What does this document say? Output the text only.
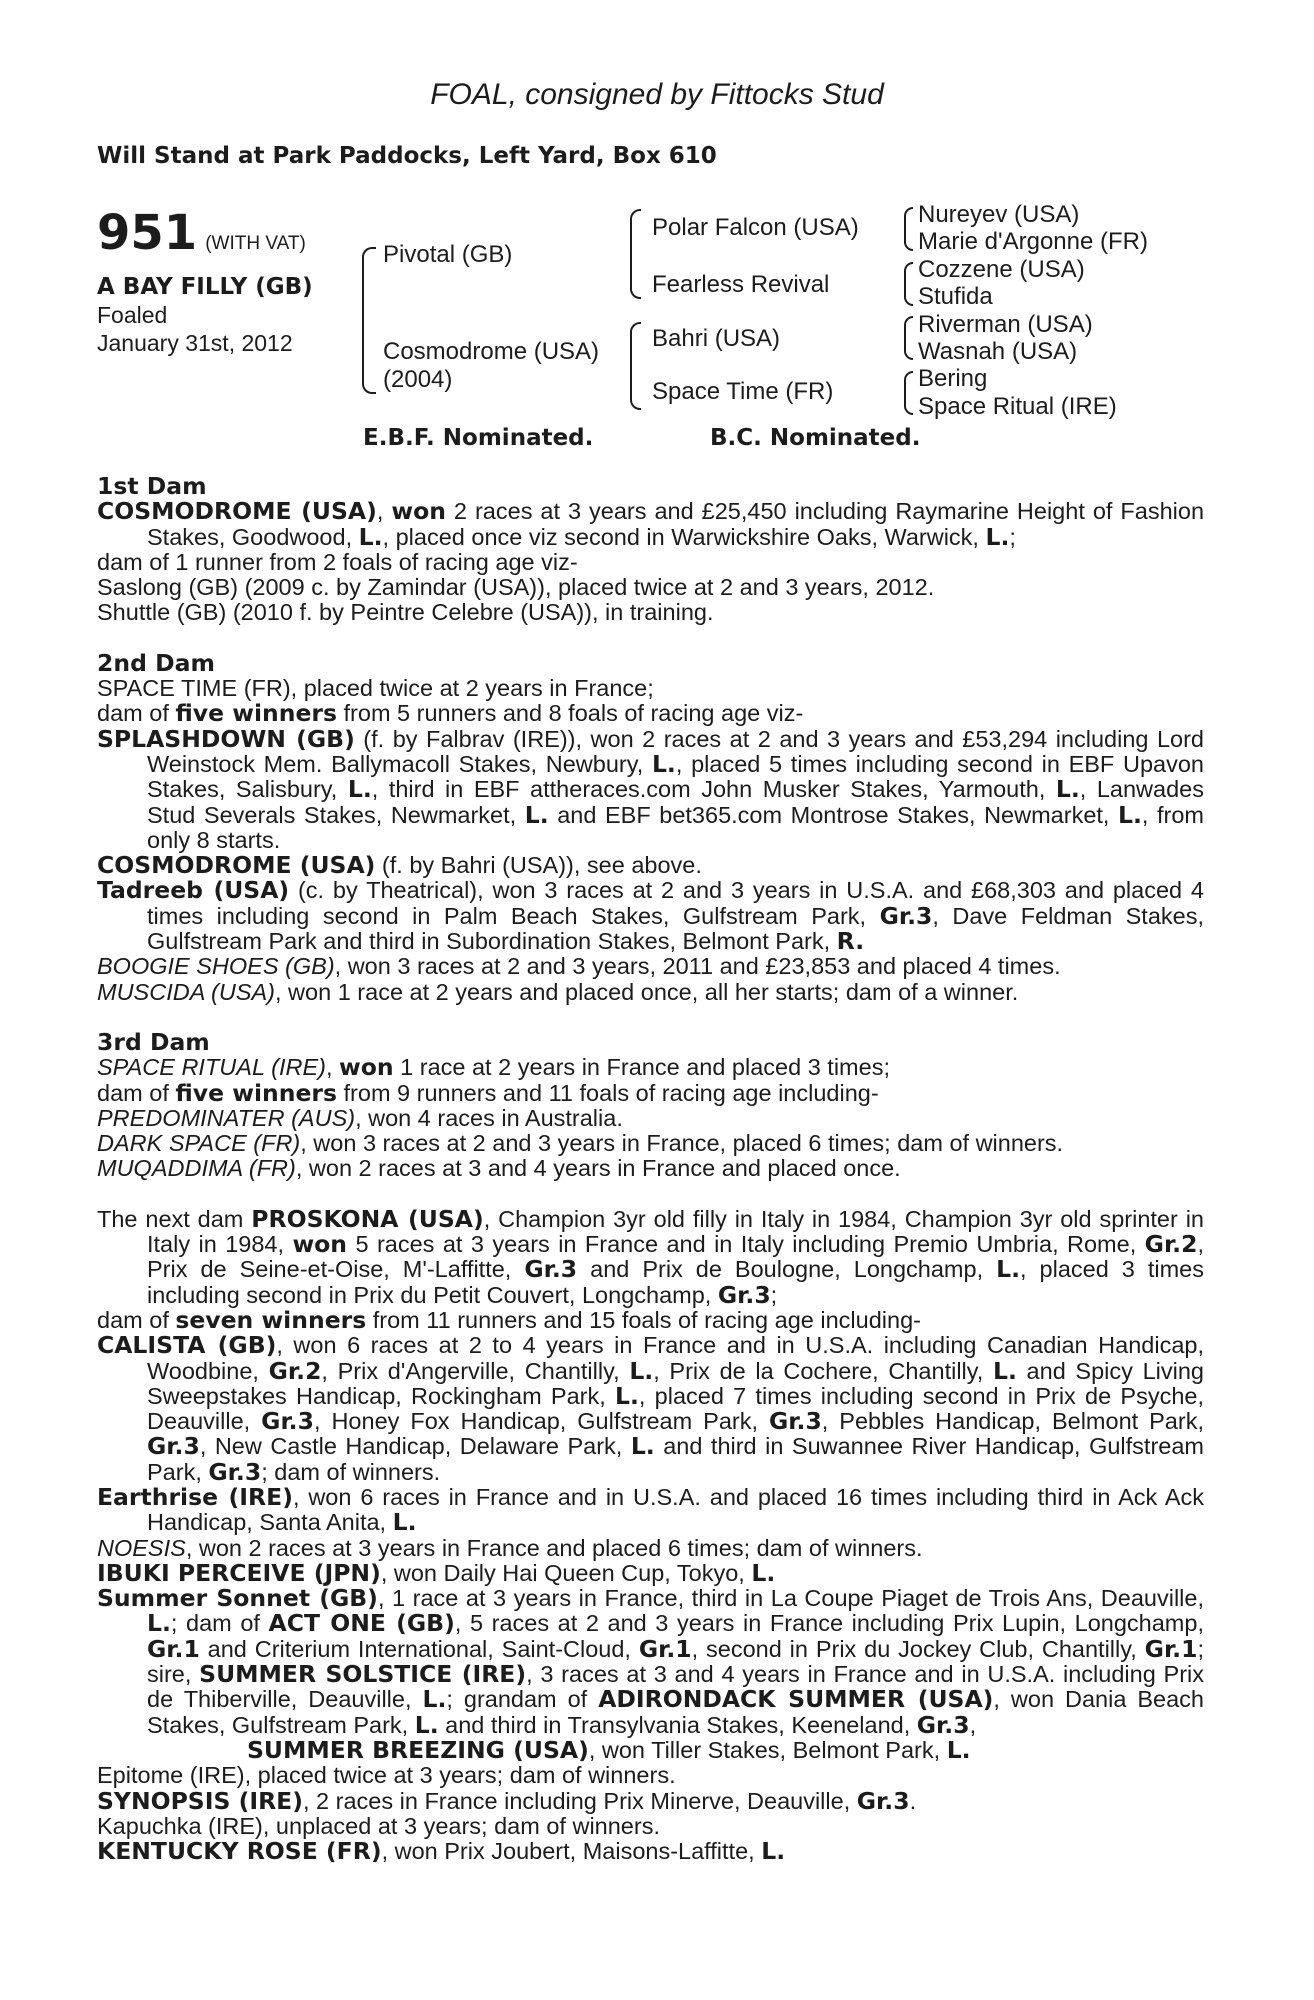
FOAL, consigned by Fittocks Stud
Will Stand at Park Paddocks, Left Yard, Box 610
951 (WITH VAT)
A BAY FILLY (GB)
Foaled
January 31st, 2012
Pivotal (GB)
Cosmodrome (USA)
(2004)
Polar Falcon (USA)
Fearless Revival
Bahri (USA)
Space Time (FR)
Nureyev (USA)
Marie d'Argonne (FR)
Cozzene (USA)
Stufida
Riverman (USA)
Wasnah (USA)
Bering
Space Ritual (IRE)
E.B.F. Nominated.	B.C. Nominated.

1st Dam

COSMODROME (USA), won 2 races at 3 years and £25,450 including Raymarine Height of Fashion Stakes, Goodwood, L., placed once viz second in Warwickshire Oaks, Warwick, L.;

dam of 1 runner from 2 foals of racing age viz-

Saslong (GB) (2009 c. by Zamindar (USA)), placed twice at 2 and 3 years, 2012.

Shuttle (GB) (2010 f. by Peintre Celebre (USA)), in training.

2nd Dam

SPACE TIME (FR), placed twice at 2 years in France;

dam of five winners from 5 runners and 8 foals of racing age viz-

SPLASHDOWN (GB) (f. by Falbrav (IRE)), won 2 races at 2 and 3 years and £53,294 including Lord Weinstock Mem. Ballymacoll Stakes, Newbury, L., placed 5 times including second in EBF Upavon Stakes, Salisbury, L., third in EBF attheraces.com John Musker Stakes, Yarmouth, L., Lanwades Stud Severals Stakes, Newmarket, L. and EBF bet365.com Montrose Stakes, Newmarket, L., from only 8 starts.

COSMODROME (USA) (f. by Bahri (USA)), see above.

Tadreeb (USA) (c. by Theatrical), won 3 races at 2 and 3 years in U.S.A. and £68,303 and placed 4 times including second in Palm Beach Stakes, Gulfstream Park, Gr.3, Dave Feldman Stakes, Gulfstream Park and third in Subordination Stakes, Belmont Park, R.

BOOGIE SHOES (GB), won 3 races at 2 and 3 years, 2011 and £23,853 and placed 4 times.

MUSCIDA (USA), won 1 race at 2 years and placed once, all her starts; dam of a winner.

3rd Dam

SPACE RITUAL (IRE), won 1 race at 2 years in France and placed 3 times;

dam of five winners from 9 runners and 11 foals of racing age including-

PREDOMINATER (AUS), won 4 races in Australia.

DARK SPACE (FR), won 3 races at 2 and 3 years in France, placed 6 times; dam of winners.

MUQADDIMA (FR), won 2 races at 3 and 4 years in France and placed once.

The next dam PROSKONA (USA), Champion 3yr old filly in Italy in 1984, Champion 3yr old sprinter in Italy in 1984, won 5 races at 3 years in France and in Italy including Premio Umbria, Rome, Gr.2, Prix de Seine-et-Oise, M'-Laffitte, Gr.3 and Prix de Boulogne, Longchamp, L., placed 3 times including second in Prix du Petit Couvert, Longchamp, Gr.3;

dam of seven winners from 11 runners and 15 foals of racing age including-

CALISTA (GB), won 6 races at 2 to 4 years in France and in U.S.A. including Canadian Handicap, Woodbine, Gr.2, Prix d'Angerville, Chantilly, L., Prix de la Cochere, Chantilly, L. and Spicy Living Sweepstakes Handicap, Rockingham Park, L., placed 7 times including second in Prix de Psyche, Deauville, Gr.3, Honey Fox Handicap, Gulfstream Park, Gr.3, Pebbles Handicap, Belmont Park, Gr.3, New Castle Handicap, Delaware Park, L. and third in Suwannee River Handicap, Gulfstream Park, Gr.3; dam of winners.

Earthrise (IRE), won 6 races in France and in U.S.A. and placed 16 times including third in Ack Ack Handicap, Santa Anita, L.

NOESIS, won 2 races at 3 years in France and placed 6 times; dam of winners.

IBUKI PERCEIVE (JPN), won Daily Hai Queen Cup, Tokyo, L.

Summer Sonnet (GB), 1 race at 3 years in France, third in La Coupe Piaget de Trois Ans, Deauville, L.; dam of ACT ONE (GB), 5 races at 2 and 3 years in France including Prix Lupin, Longchamp, Gr.1 and Criterium International, Saint-Cloud, Gr.1, second in Prix du Jockey Club, Chantilly, Gr.1; sire, SUMMER SOLSTICE (IRE), 3 races at 3 and 4 years in France and in U.S.A. including Prix de Thiberville, Deauville, L.; grandam of ADIRONDACK SUMMER (USA), won Dania Beach Stakes, Gulfstream Park, L. and third in Transylvania Stakes, Keeneland, Gr.3,

SUMMER BREEZING (USA), won Tiller Stakes, Belmont Park, L.

Epitome (IRE), placed twice at 3 years; dam of winners.

SYNOPSIS (IRE), 2 races in France including Prix Minerve, Deauville, Gr.3.

Kapuchka (IRE), unplaced at 3 years; dam of winners.

KENTUCKY ROSE (FR), won Prix Joubert, Maisons-Laffitte, L.
